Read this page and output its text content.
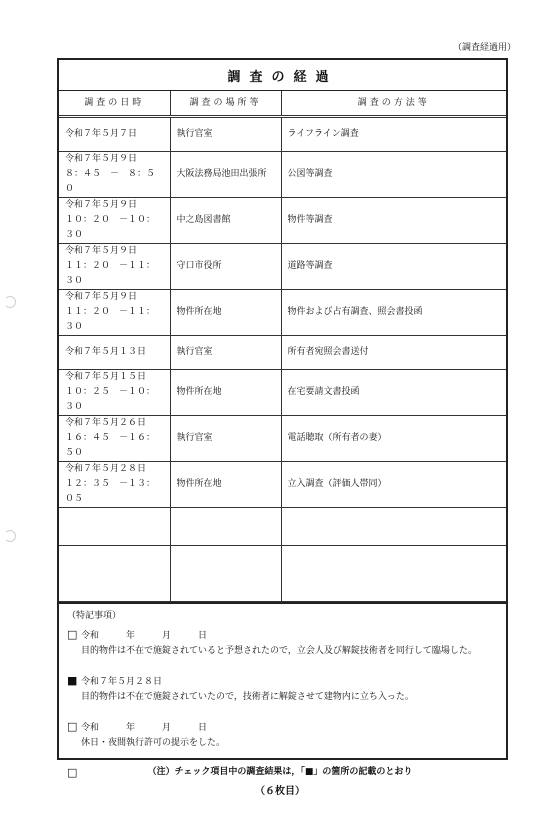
（調査経過用）
調査の経過
調査の日時	調査の場所等	調査の方法等
令和７年５月７日	執行官室	ライフライン調査
令和７年５月９日
８：４５　－　８：５０	大阪法務局池田出張所	公図等調査
令和７年５月９日
１０：２０　－１０：３０	中之島図書館	物件等調査
令和７年５月９日
１１：２０　－１１：３０	守口市役所	道路等調査
令和７年５月９日
１１：２０　－１１：３０	物件所在地	物件および占有調査、照会書投函
令和７年５月１３日	執行官室	所有者宛照会書送付
令和７年５月１５日
１０：２５　－１０：３０	物件所在地	在宅要請文書投函
令和７年５月２６日
１６：４５　－１６：５０	執行官室	電話聴取（所有者の妻）
令和７年５月２８日
１２：３５　－１３：０５	物件所在地	立入調査（評価人帯同）

（特記事項）
□ 令和　　　年　　　月　　　日
目的物件は不在で施錠されていると予想されたので，立会人及び解錠技術者を同行して臨場した。
■ 令和７年５月２８日
目的物件は不在で施錠されていたので，技術者に解錠させて建物内に立ち入った。
□ 令和　　　年　　　月　　　日
休日・夜間執行許可の提示をした。
□	（注）チェック項目中の調査結果は，「■」の箇所の記載のとおり
（６枚目）
